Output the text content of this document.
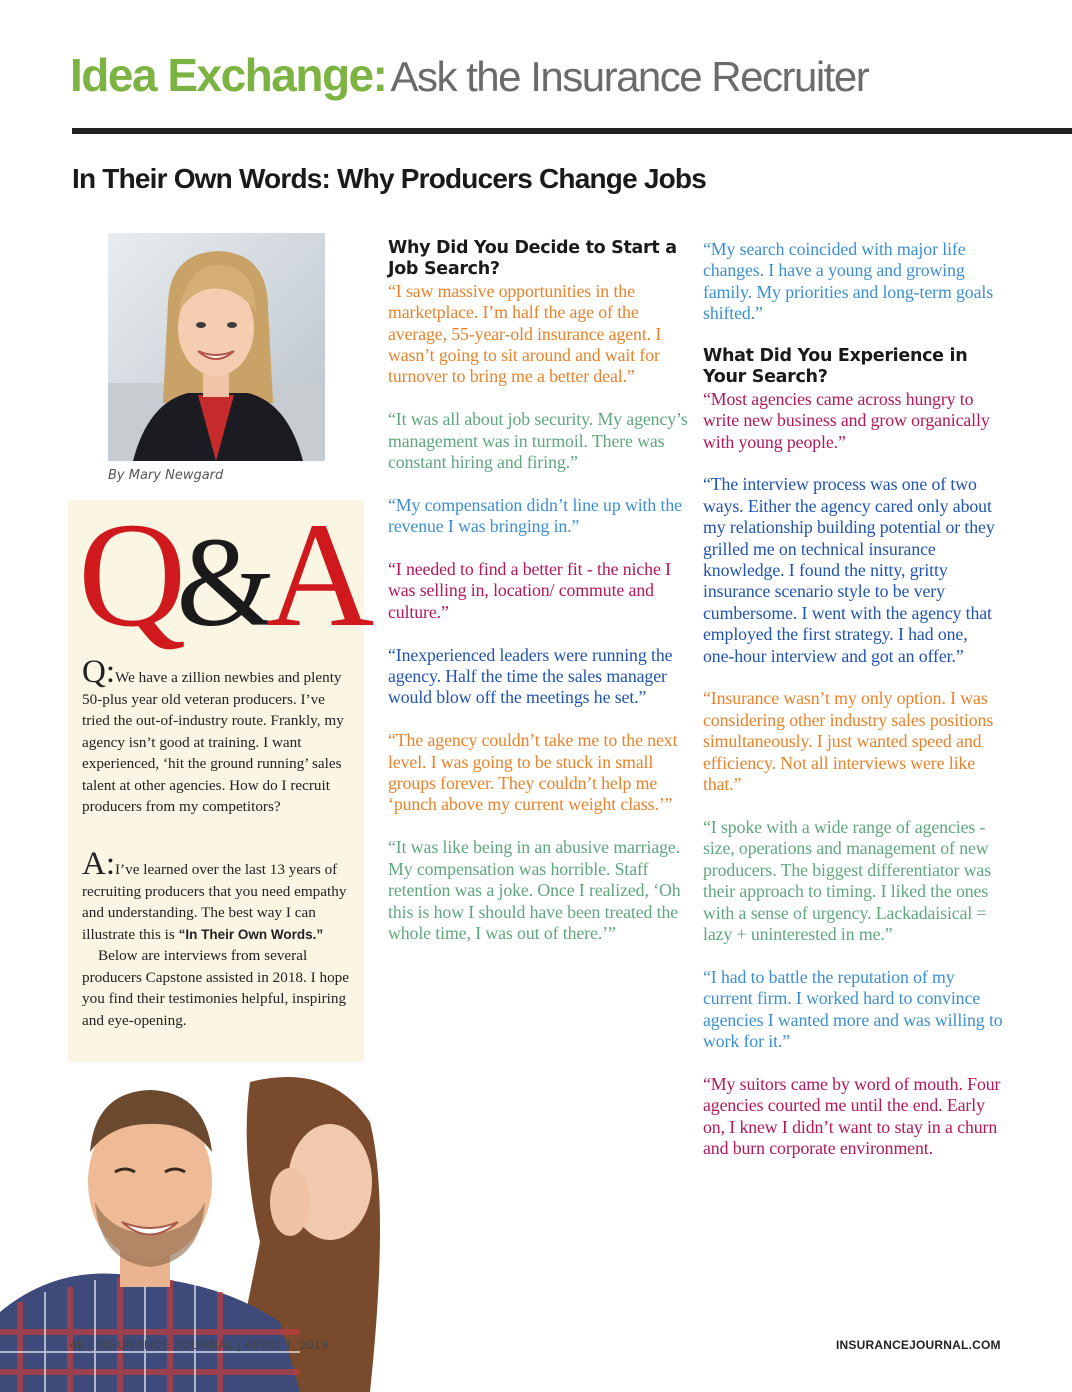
Idea Exchange: Ask the Insurance Recruiter
In Their Own Words: Why Producers Change Jobs
By Mary Newgard
Q&A
Q:We have a zillion newbies and plenty 50-plus year old veteran producers. I’ve tried the out-of-industry route. Frankly, my agency isn’t good at training. I want experienced, ‘hit the ground running’ sales talent at other agencies. How do I recruit producers from my competitors?
A:I’ve learned over the last 13 years of recruiting producers that you need empathy and understanding. The best way I can illustrate this is “In Their Own Words.”
Below are interviews from several producers Capstone assisted in 2018. I hope you find their testimonies helpful, inspiring and eye-opening.
Why Did You Decide to Start a Job Search?

“I saw massive opportunities in the marketplace. I’m half the age of the average, 55-year-old insurance agent. I wasn’t going to sit around and wait for turnover to bring me a better deal.”

“It was all about job security. My agency’s management was in turmoil. There was constant hiring and firing.”

“My compensation didn’t line up with the revenue I was bringing in.”

“I needed to find a better fit - the niche I was selling in, location/ commute and culture.”

“Inexperienced leaders were running the agency. Half the time the sales manager would blow off the meetings he set.”

“The agency couldn’t take me to the next level. I was going to be stuck in small groups forever. They couldn’t help me ‘punch above my current weight class.’”

“It was like being in an abusive marriage. My compensation was horrible. Staff retention was a joke. Once I realized, ‘Oh this is how I should have been treated the whole time, I was out of there.’”

“My search coincided with major life changes. I have a young and growing family. My priorities and long-term goals shifted.”

What Did You Experience in Your Search?

“Most agencies came across hungry to write new business and grow organically with young people.”

“The interview process was one of two ways. Either the agency cared only about my relationship building potential or they grilled me on technical insurance knowledge. I found the nitty, gritty insurance scenario style to be very cumbersome. I went with the agency that employed the first strategy. I had one, one-hour interview and got an offer.”

“Insurance wasn’t my only option. I was considering other industry sales positions simultaneously. I just wanted speed and efficiency. Not all interviews were like that.”

“I spoke with a wide range of agencies - size, operations and management of new producers. The biggest differentiator was their approach to timing. I liked the ones with a sense of urgency. Lackadaisical = lazy + uninterested in me.”

“I had to battle the reputation of my current firm. I worked hard to convince agencies I wanted more and was willing to work for it.”

“My suitors came by word of mouth. Four agencies courted me until the end. Early on, I knew I didn’t want to stay in a churn and burn corporate environment.

48 | INSURANCE JOURNAL | APRIL 1, 2019	INSURANCEJOURNAL.COM
